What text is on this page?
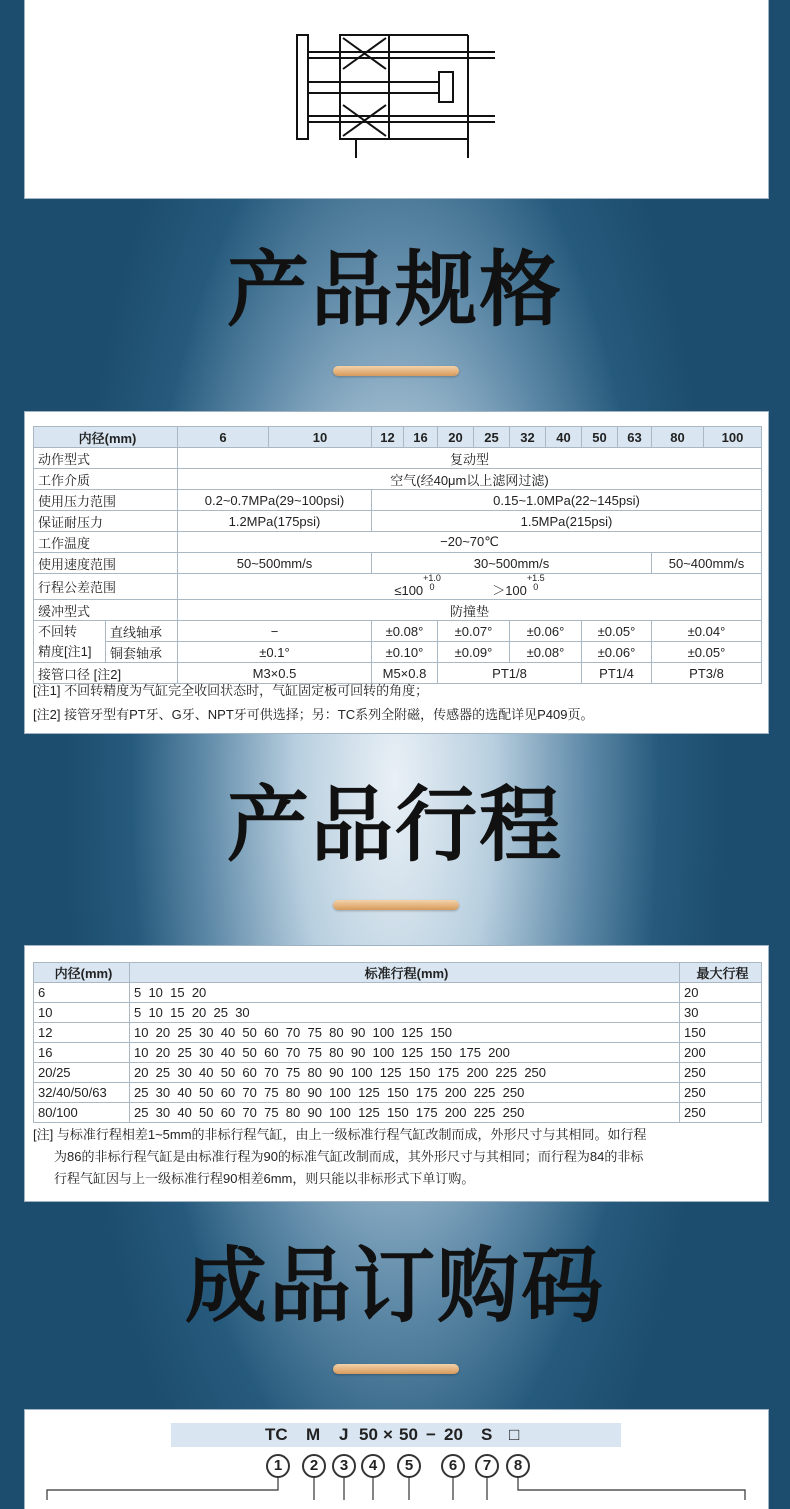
产品规格
内径(mm)		6	10	12	16	20	25	32	40	50	63	80	100
动作型式		复动型											
工作介质		空气(经40μm以上滤网过滤)											
使用压力范围		0.2~0.7MPa(29~100psi)		0.15~1.0MPa(22~145psi)									
保证耐压力		1.2MPa(175psi)		1.5MPa(215psi)									
工作温度		−20~70℃											
使用速度范围		50~500mm/s		30~500mm/s								50~400mm/s	
行程公差范围		$\le 100^{+1.0 0} >100^{+1.5 0}$
缓冲型式		防撞垫											
不回转
精度[注1]	直线轴承	−		±0.08°		±0.07°		±0.06°		±0.05°		±0.04°	
	铜套轴承	±0.1°		±0.10°		±0.09°		±0.08°		±0.06°		±0.05°	
接管口径 [注2]		M3×0.5		M5×0.8		PT1/8				PT1/4		PT3/8	
[注1] 不回转精度为气缸完全收回状态时，气缸固定板可回转的角度；
[注2] 接管牙型有PT牙、G牙、NPT牙可供选择；另：TC系列全附磁，传感器的选配详见P409页。
产品行程
内径(mm)	标准行程(mm)	最大行程
6	5  10  15  20	20
10	5  10  15  20  25  30	30
12	10  20  25  30  40  50  60  70  75  80  90  100  125  150	150
16	10  20  25  30  40  50  60  70  75  80  90  100  125  150  175  200	200
20/25	20  25  30  40  50  60  70  75  80  90  100  125  150  175  200  225  250	250
32/40/50/63	25  30  40  50  60  70  75  80  90  100  125  150  175  200  225  250	250
80/100	25  30  40  50  60  70  75  80  90  100  125  150  175  200  225  250	250
[注] 与标准行程相差1~5mm的非标行程气缸，由上一级标准行程气缸改制而成，外形尺寸与其相同。如行程
为86的非标行程气缸是由标准行程为90的标准气缸改制而成，其外形尺寸与其相同；而行程为84的非标
行程气缸因与上一级标准行程90相差6mm，则只能以非标形式下单订购。
成品订购码
TC M J 50 × 50 − 20 S □
1	2	3	4	5	6	7	8
